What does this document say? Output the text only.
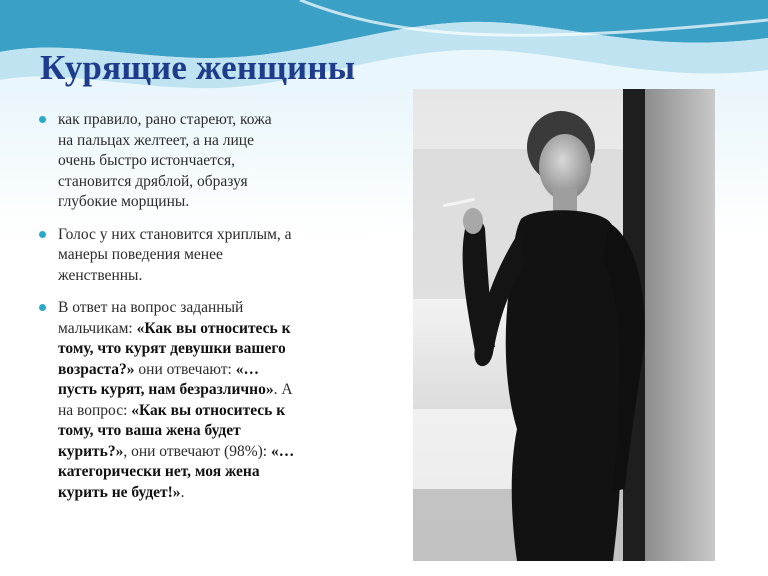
Курящие женщины

как правило, рано стареют, кожа
на пальцах желтеет, а на лице
очень быстро истончается,
становится дряблой, образуя
глубокие морщины.

Голос у них становится хриплым, а
манеры поведения менее
женственны.

В ответ на вопрос заданный
мальчикам: «Как вы относитесь к
тому, что курят девушки вашего
возраста?» они отвечают: «…
пусть курят, нам безразлично». А
на вопрос: «Как вы относитесь к
тому, что ваша жена будет
курить?», они отвечают (98%): «…
категорически нет, моя жена
курить не будет!».
